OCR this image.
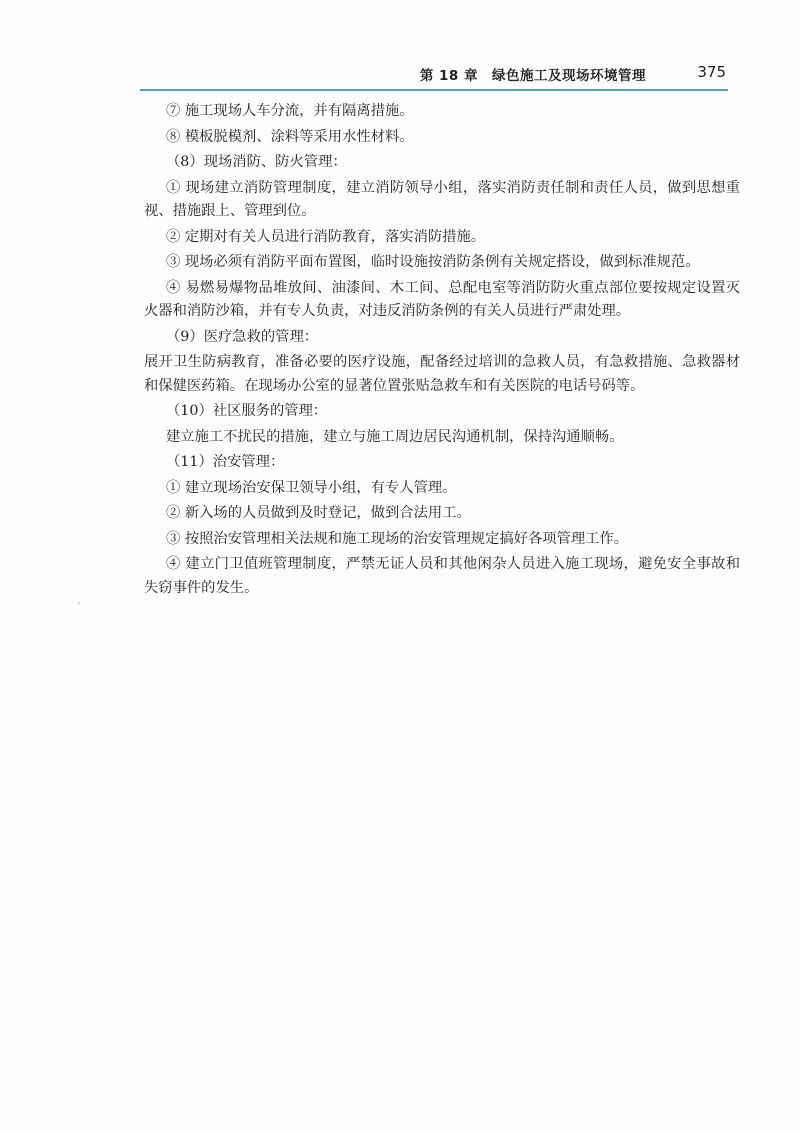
第 18 章　绿色施工及现场环境管理	375

⑦ 施工现场人车分流，并有隔离措施。

⑧ 模板脱模剂、涂料等采用水性材料。

（8）现场消防、防火管理：

① 现场建立消防管理制度，建立消防领导小组，落实消防责任制和责任人员，做到思想重视、措施跟上、管理到位。

② 定期对有关人员进行消防教育，落实消防措施。

③ 现场必须有消防平面布置图，临时设施按消防条例有关规定搭设，做到标准规范。

④ 易燃易爆物品堆放间、油漆间、木工间、总配电室等消防防火重点部位要按规定设置灭火器和消防沙箱，并有专人负责，对违反消防条例的有关人员进行严肃处理。

（9）医疗急救的管理：

展开卫生防病教育，准备必要的医疗设施，配备经过培训的急救人员，有急救措施、急救器材和保健医药箱。在现场办公室的显著位置张贴急救车和有关医院的电话号码等。

（10）社区服务的管理：

建立施工不扰民的措施，建立与施工周边居民沟通机制，保持沟通顺畅。

（11）治安管理：

① 建立现场治安保卫领导小组，有专人管理。

② 新入场的人员做到及时登记，做到合法用工。

③ 按照治安管理相关法规和施工现场的治安管理规定搞好各项管理工作。

④ 建立门卫值班管理制度，严禁无证人员和其他闲杂人员进入施工现场，避免安全事故和失窃事件的发生。
